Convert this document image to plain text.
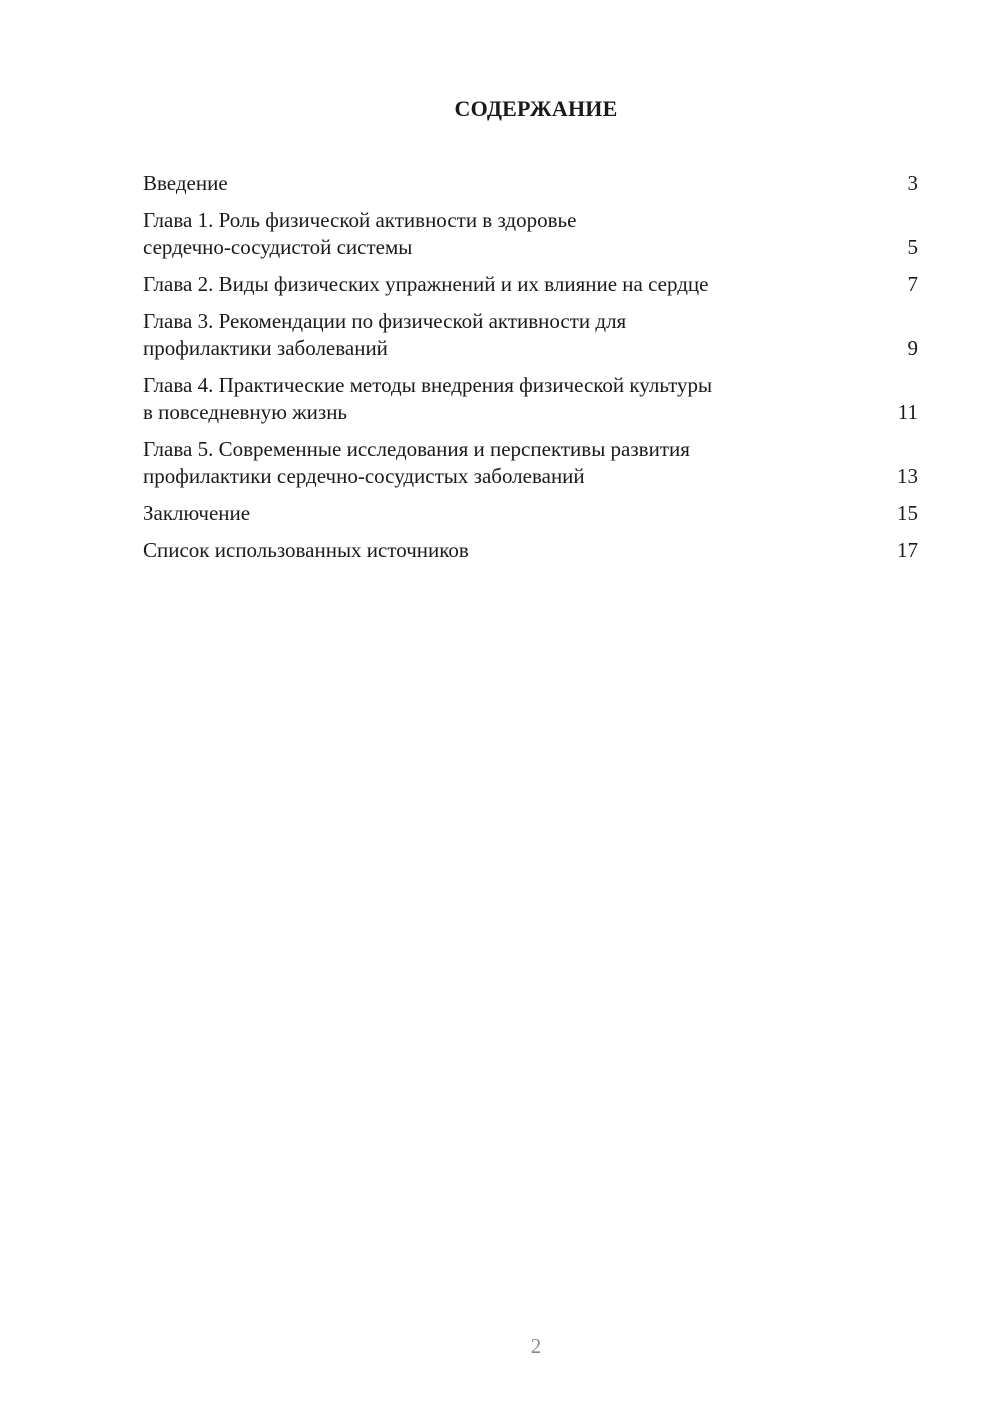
СОДЕРЖАНИЕ
Введение	3
Глава 1. Роль физической активности в здоровье
сердечно-сосудистой системы	5
Глава 2. Виды физических упражнений и их влияние на сердце	7
Глава 3. Рекомендации по физической активности для
профилактики заболеваний	9
Глава 4. Практические методы внедрения физической культуры
в повседневную жизнь	11
Глава 5. Современные исследования и перспективы развития
профилактики сердечно-сосудистых заболеваний	13
Заключение	15
Список использованных источников	17
2
